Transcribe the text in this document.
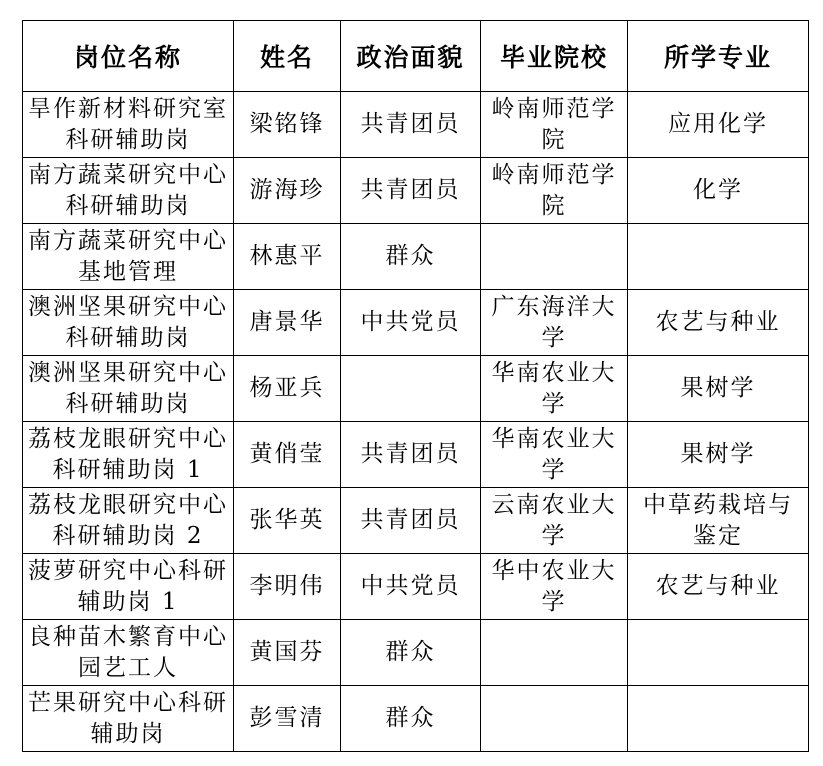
岗位名称	姓名	政治面貌	毕业院校	所学专业
旱作新材料研究室科研辅助岗	梁铭锋	共青团员	岭南师范学院	应用化学
南方蔬菜研究中心科研辅助岗	游海珍	共青团员	岭南师范学院	化学
南方蔬菜研究中心基地管理	林惠平	群众		
澳洲坚果研究中心科研辅助岗	唐景华	中共党员	广东海洋大学	农艺与种业
澳洲坚果研究中心科研辅助岗	杨亚兵		华南农业大学	果树学
荔枝龙眼研究中心科研辅助岗 1	黄俏莹	共青团员	华南农业大学	果树学
荔枝龙眼研究中心科研辅助岗 2	张华英	共青团员	云南农业大学	中草药栽培与鉴定
菠萝研究中心科研辅助岗 1	李明伟	中共党员	华中农业大学	农艺与种业
良种苗木繁育中心园艺工人	黄国芬	群众		
芒果研究中心科研辅助岗	彭雪清	群众		
